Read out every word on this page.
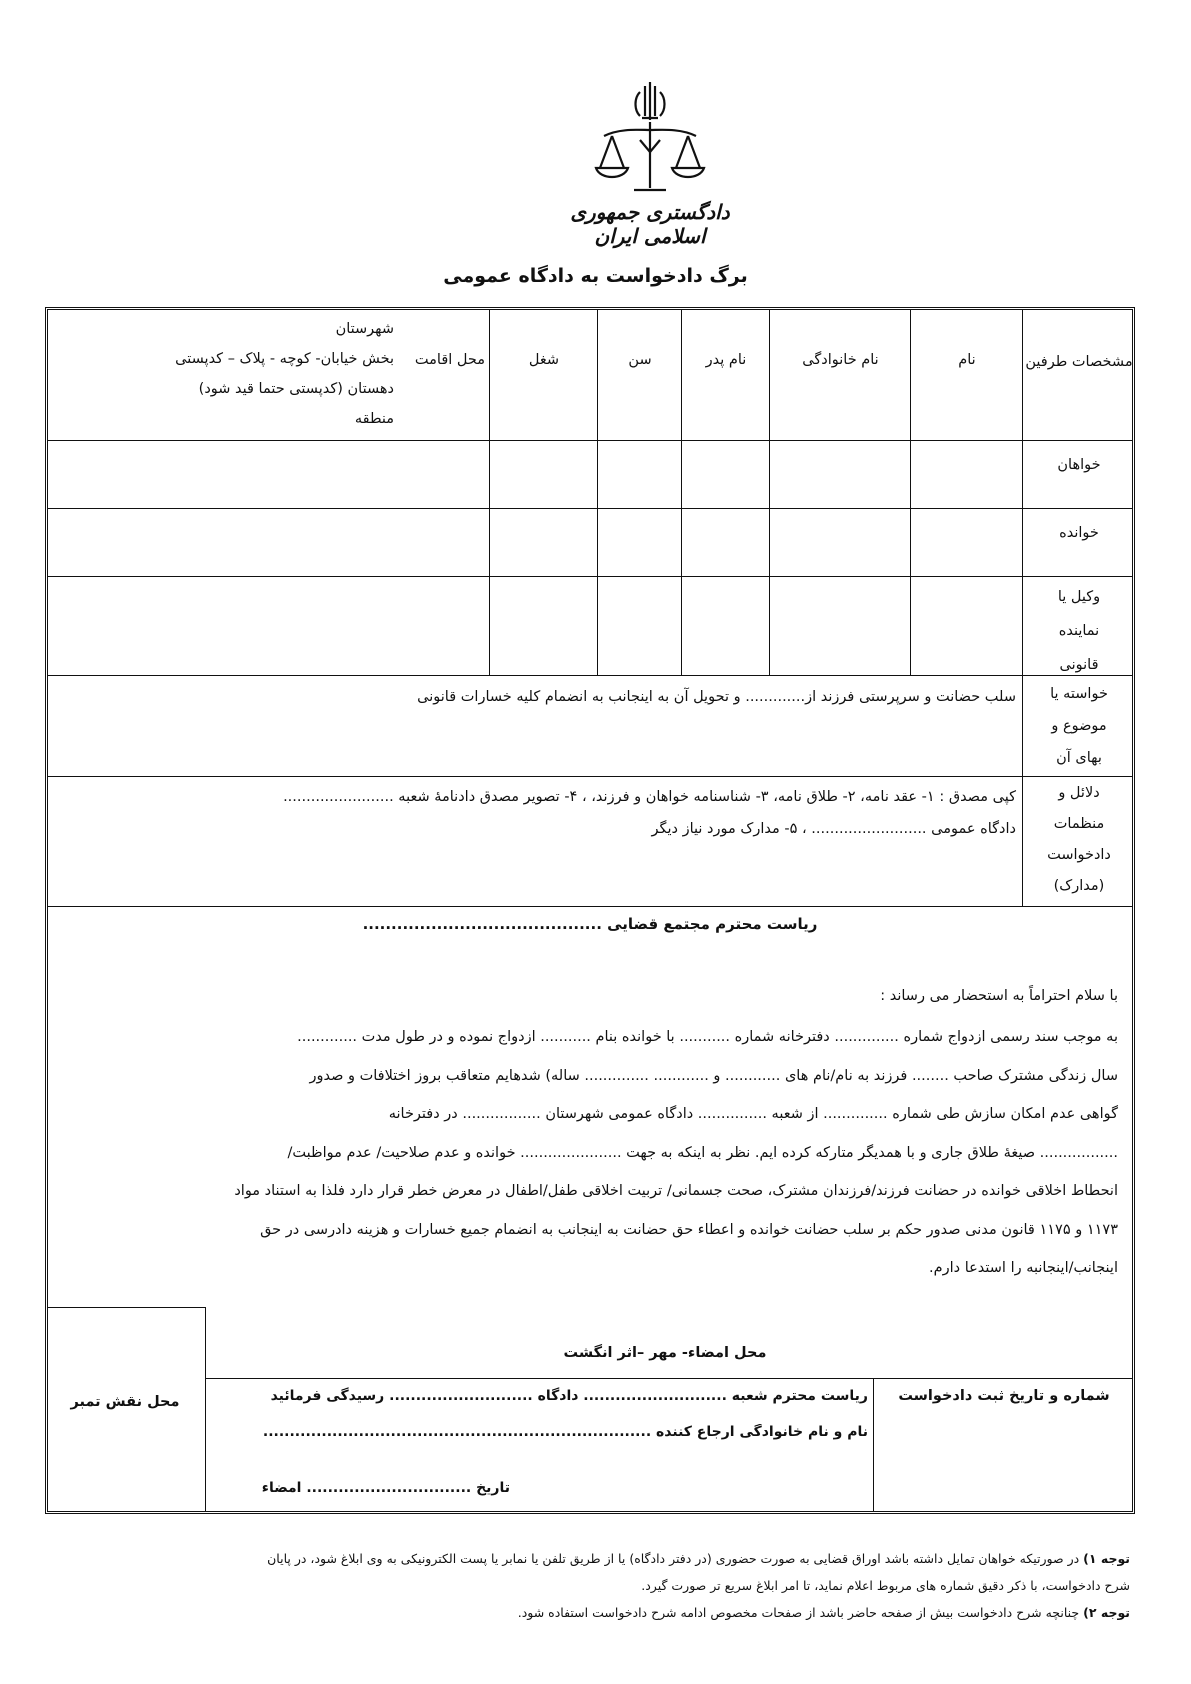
دادگستری جمهوری اسلامی ایران
برگ دادخواست به دادگاه عمومی
مشخصات طرفین
نام
نام خانوادگی
نام پدر
سن
شغل
محل اقامت
شهرستان
بخش خیابان- کوچه - پلاک – کدپستی
دهستان (کدپستی حتما قید شود)
منطقه
خواهان
خوانده
وکیل یا
نماینده
قانونی
خواسته یا
موضوع و
بهای آن
سلب حضانت و سرپرستی فرزند از............. و تحویل آن به اینجانب به انضمام کلیه خسارات قانونی
دلائل و
منظمات
دادخواست
(مدارک)
کپی مصدق : ۱- عقد نامه، ۲- طلاق نامه، ۳- شناسنامه خواهان و فرزند، ، ۴- تصویر مصدق دادنامۀ شعبه ........................
دادگاه عمومی ......................... ، ۵- مدارک مورد نیاز دیگر
ریاست محترم مجتمع قضایی ..........................................
با سلام احتراماً به استحضار می رساند :

به موجب سند رسمی ازدواج شماره .............. دفترخانه شماره ........... با خوانده بنام ........... ازدواج نموده و در طول مدت .............

سال زندگی مشترک صاحب ........ فرزند به نام/نام های ............ و ............ .............. ساله) شدهایم متعاقب بروز اختلافات و صدور

گواهی عدم امکان سازش طی شماره .............. از شعبه ............... دادگاه عمومی شهرستان ................. در دفترخانه

................. صیغۀ طلاق جاری و با همدیگر متارکه کرده ایم. نظر به اینکه به جهت ...................... خوانده و عدم صلاحیت/ عدم مواظبت/

انحطاط اخلاقی خوانده در حضانت فرزند/فرزندان مشترک، صحت جسمانی/ تربیت اخلاقی طفل/اطفال در معرض خطر قرار دارد فلذا به استناد مواد

۱۱۷۳ و ۱۱۷۵ قانون مدنی صدور حکم بر سلب حضانت خوانده و اعطاء حق حضانت به اینجانب به انضمام جمیع خسارات و هزینه دادرسی در حق

اینجانب/اینجانبه را استدعا دارم.

محل امضاء- مهر –اثر انگشت
شماره و تاریخ ثبت دادخواست
ریاست محترم شعبه ........................... دادگاه ........................... رسیدگی فرمائید
نام و نام خانوادگی ارجاع کننده .........................................................................
تاریخ ............................... امضاء
محل نقش تمبر
توجه ۱) در صورتیکه خواهان تمایل داشته باشد اوراق قضایی به صورت حضوری (در دفتر دادگاه) یا از طریق تلفن یا نمابر یا پست الکترونیکی به وی ابلاغ شود، در پایان
شرح دادخواست، با ذکر دقیق شماره های مربوط اعلام نماید، تا امر ابلاغ سریع تر صورت گیرد.
توجه ۲) چنانچه شرح دادخواست بیش از صفحه حاضر باشد از صفحات مخصوص ادامه شرح دادخواست استفاده شود.
